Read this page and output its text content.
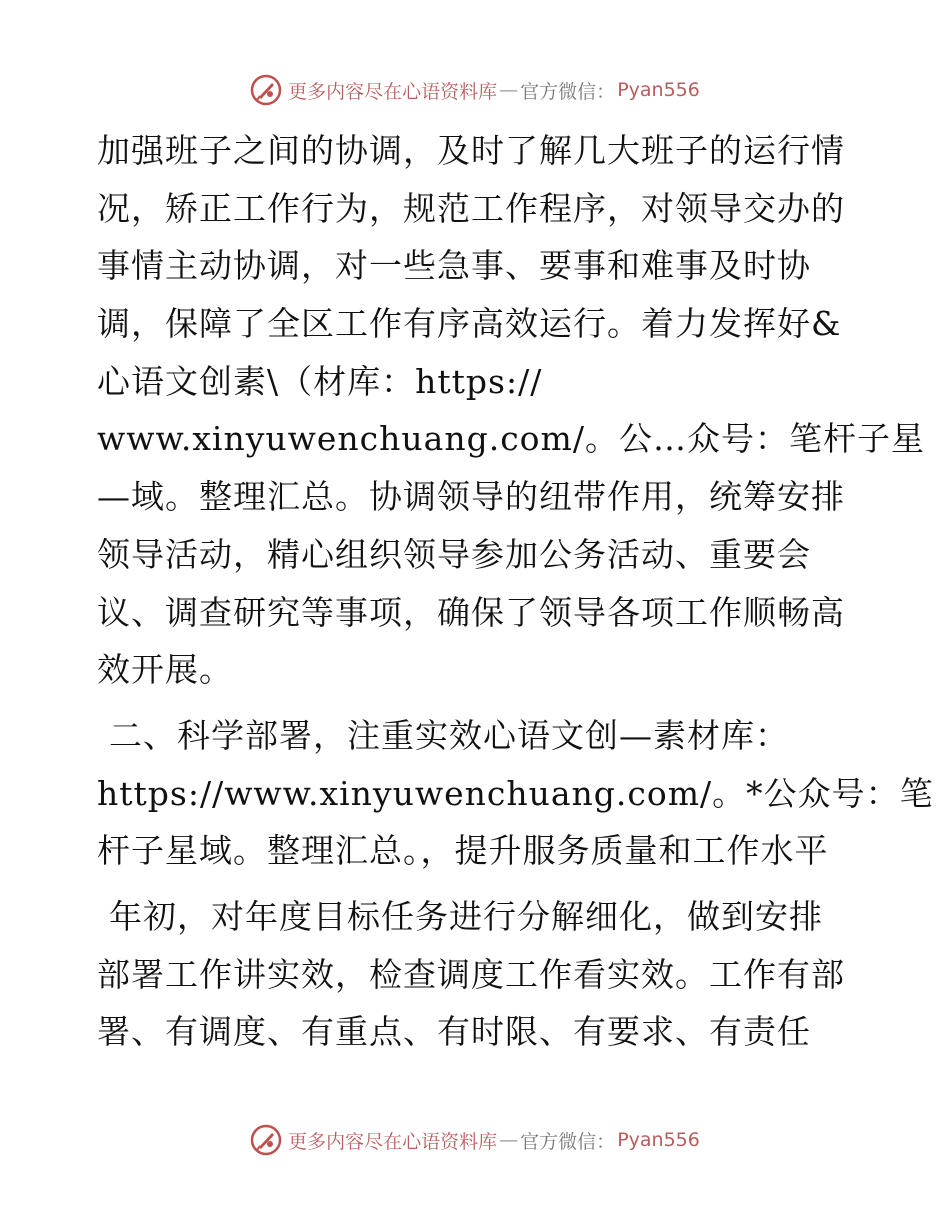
更多内容尽在心语资料库 — 官方微信： Pyan556
加强班子之间的协调，及时了解几大班子的运行情
况，矫正工作行为，规范工作程序，对领导交办的
事情主动协调，对一些急事、要事和难事及时协
调，保障了全区工作有序高效运行。着力发挥好&
心语文创素\（材库：https://
www.xinyuwenchuang.com/。公…众号：笔杆子星
—域。整理汇总。协调领导的纽带作用，统筹安排
领导活动，精心组织领导参加公务活动、重要会
议、调查研究等事项，确保了领导各项工作顺畅高
效开展。
二、科学部署，注重实效心语文创—素材库：
https://www.xinyuwenchuang.com/。*公众号：笔
杆子星域。整理汇总。，提升服务质量和工作水平
年初，对年度目标任务进行分解细化，做到安排
部署工作讲实效，检查调度工作看实效。工作有部
署、有调度、有重点、有时限、有要求、有责任
更多内容尽在心语资料库 — 官方微信： Pyan556
